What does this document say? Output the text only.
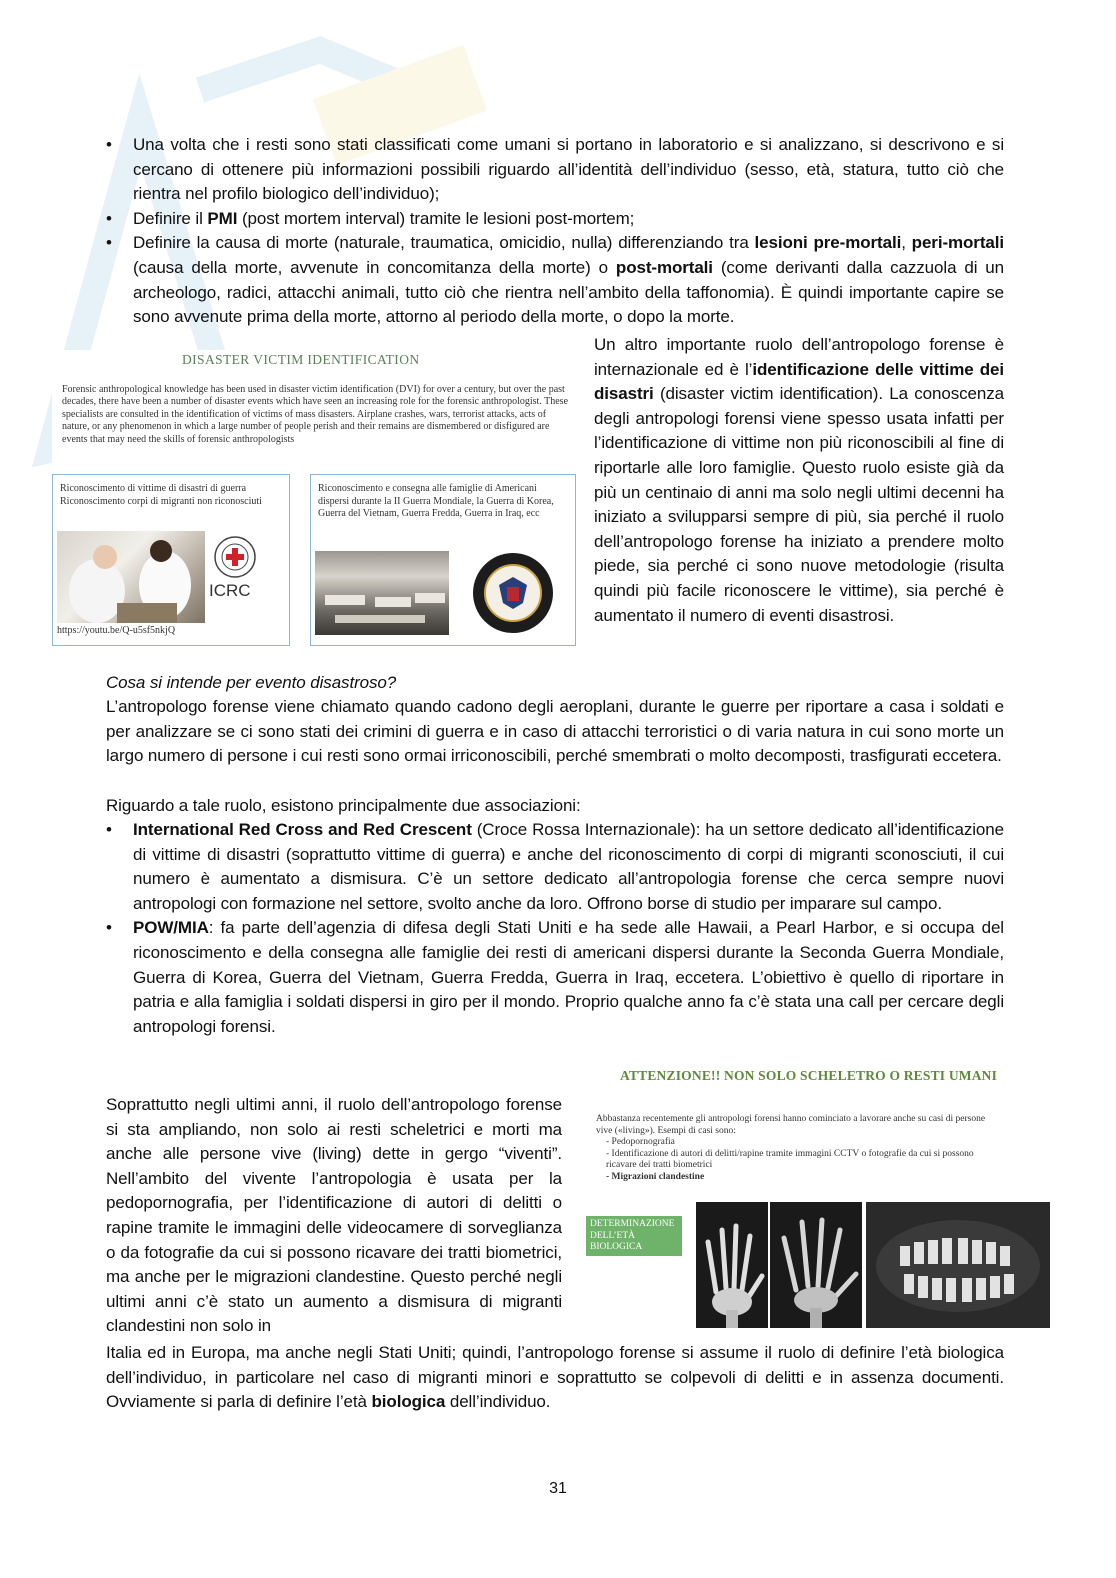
• Una volta che i resti sono stati classificati come umani si portano in laboratorio e si analizzano, si descrivono e si cercano di ottenere più informazioni possibili riguardo all’identità dell’individuo (sesso, età, statura, tutto ciò che rientra nel profilo biologico dell’individuo);
• Definire il PMI (post mortem interval) tramite le lesioni post-mortem;
• Definire la causa di morte (naturale, traumatica, omicidio, nulla) differenziando tra lesioni pre-mortali, peri-mortali (causa della morte, avvenute in concomitanza della morte) o post-mortali (come derivanti dalla cazzuola di un archeologo, radici, attacchi animali, tutto ciò che rientra nell’ambito della taffonomia). È quindi importante capire se sono avvenute prima della morte, attorno al periodo della morte, o dopo la morte.
DISASTER VICTIM IDENTIFICATION
Forensic anthropological knowledge has been used in disaster victim identification (DVI) for over a century, but over the past decades, there have been a number of disaster events which have seen an increasing role for the forensic anthropologist. These specialists are consulted in the identification of victims of mass disasters. Airplane crashes, wars, terrorist attacks, acts of nature, or any phenomenon in which a large number of people perish and their remains are dismembered or disfigured are events that may need the skills of forensic anthropologists
Riconoscimento di vittime di disastri di guerra
Riconoscimento corpi di migranti non riconosciuti
ICRC
https://youtu.be/Q-u5sf5nkjQ
Riconoscimento e consegna alle famiglie di Americani dispersi durante la II Guerra Mondiale, la Guerra di Korea, Guerra del Vietnam, Guerra Fredda, Guerra in Iraq, ecc
Un altro importante ruolo dell’antropologo forense è internazionale ed è l’identificazione delle vittime dei disastri (disaster victim identification). La conoscenza degli antropologi forensi viene spesso usata infatti per l’identificazione di vittime non più riconoscibili al fine di riportarle alle loro famiglie. Questo ruolo esiste già da più un centinaio di anni ma solo negli ultimi decenni ha iniziato a svilupparsi sempre di più, sia perché il ruolo dell’antropologo forense ha iniziato a prendere molto piede, sia perché ci sono nuove metodologie (risulta quindi più facile riconoscere le vittime), sia perché è aumentato il numero di eventi disastrosi.
Cosa si intende per evento disastroso?
L’antropologo forense viene chiamato quando cadono degli aeroplani, durante le guerre per riportare a casa i soldati e per analizzare se ci sono stati dei crimini di guerra e in caso di attacchi terroristici o di varia natura in cui sono morte un largo numero di persone i cui resti sono ormai irriconoscibili, perché smembrati o molto decomposti, trasfigurati eccetera.
Riguardo a tale ruolo, esistono principalmente due associazioni:
• International Red Cross and Red Crescent (Croce Rossa Internazionale): ha un settore dedicato all’identificazione di vittime di disastri (soprattutto vittime di guerra) e anche del riconoscimento di corpi di migranti sconosciuti, il cui numero è aumentato a dismisura. C’è un settore dedicato all’antropologia forense che cerca sempre nuovi antropologi con formazione nel settore, svolto anche da loro. Offrono borse di studio per imparare sul campo.
• POW/MIA: fa parte dell’agenzia di difesa degli Stati Uniti e ha sede alle Hawaii, a Pearl Harbor, e si occupa del riconoscimento e della consegna alle famiglie dei resti di americani dispersi durante la Seconda Guerra Mondiale, Guerra di Korea, Guerra del Vietnam, Guerra Fredda, Guerra in Iraq, eccetera. L’obiettivo è quello di riportare in patria e alla famiglia i soldati dispersi in giro per il mondo. Proprio qualche anno fa c’è stata una call per cercare degli antropologi forensi.
Soprattutto negli ultimi anni, il ruolo dell’antropologo forense si sta ampliando, non solo ai resti scheletrici e morti ma anche alle persone vive (living) dette in gergo “viventi”. Nell’ambito del vivente l’antropologia è usata per la pedopornografia, per l’identificazione di autori di delitti o rapine tramite le immagini delle videocamere di sorveglianza o da fotografie da cui si possono ricavare dei tratti biometrici, ma anche per le migrazioni clandestine. Questo perché negli ultimi anni c’è stato un aumento a dismisura di migranti clandestini non solo in
ATTENZIONE!! NON SOLO SCHELETRO O RESTI UMANI
Abbastanza recentemente gli antropologi forensi hanno cominciato a lavorare anche su casi di persone vive («living»). Esempi di casi sono:
- Pedopornografia
- Identificazione di autori di delitti/rapine tramite immagini CCTV o fotografie da cui si possono ricavare dei tratti biometrici
- Migrazioni clandestine
DETERMINAZIONE DELL’ETÀ BIOLOGICA
Italia ed in Europa, ma anche negli Stati Uniti; quindi, l’antropologo forense si assume il ruolo di definire l’età biologica dell’individuo, in particolare nel caso di migranti minori e soprattutto se colpevoli di delitti e in assenza documenti. Ovviamente si parla di definire l’età biologica dell’individuo.
31
